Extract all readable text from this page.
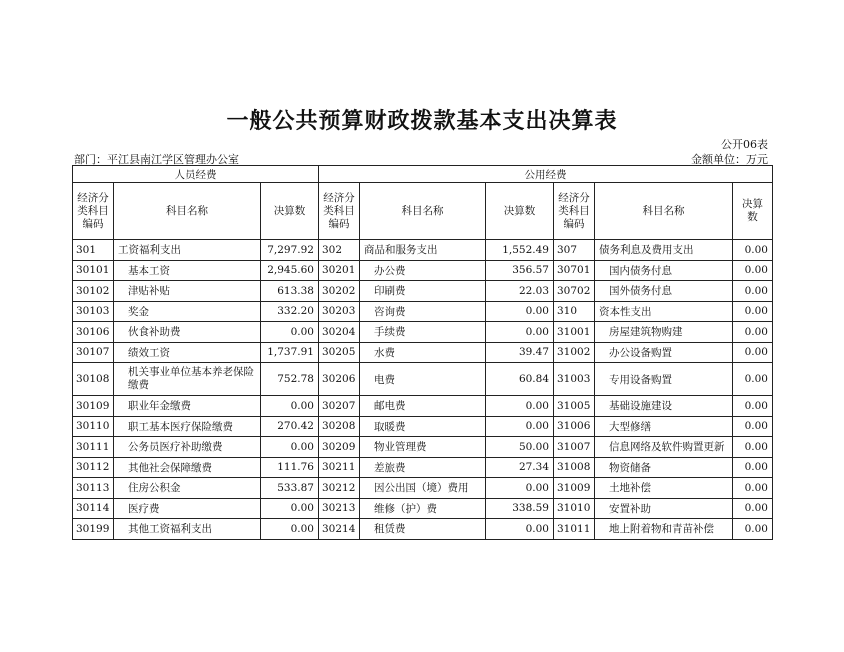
一般公共预算财政拨款基本支出决算表
公开06表
部门：平江县南江学区管理办公室	金额单位：万元
人员经费			公用经费					
经济分类科目编码	科目名称	决算数	经济分类科目编码	科目名称	决算数	经济分类科目编码	科目名称	决算数
301	工资福利支出	7,297.92	302	商品和服务支出	1,552.49	307	债务利息及费用支出	0.00
30101	基本工资	2,945.60	30201	办公费	356.57	30701	国内债务付息	0.00
30102	津贴补贴	613.38	30202	印刷费	22.03	30702	国外债务付息	0.00
30103	奖金	332.20	30203	咨询费	0.00	310	资本性支出	0.00
30106	伙食补助费	0.00	30204	手续费	0.00	31001	房屋建筑物购建	0.00
30107	绩效工资	1,737.91	30205	水费	39.47	31002	办公设备购置	0.00
30108	机关事业单位基本养老保险缴费	752.78	30206	电费	60.84	31003	专用设备购置	0.00
30109	职业年金缴费	0.00	30207	邮电费	0.00	31005	基础设施建设	0.00
30110	职工基本医疗保险缴费	270.42	30208	取暖费	0.00	31006	大型修缮	0.00
30111	公务员医疗补助缴费	0.00	30209	物业管理费	50.00	31007	信息网络及软件购置更新	0.00
30112	其他社会保障缴费	111.76	30211	差旅费	27.34	31008	物资储备	0.00
30113	住房公积金	533.87	30212	因公出国（境）费用	0.00	31009	土地补偿	0.00
30114	医疗费	0.00	30213	维修（护）费	338.59	31010	安置补助	0.00
30199	其他工资福利支出	0.00	30214	租赁费	0.00	31011	地上附着物和青苗补偿	0.00
